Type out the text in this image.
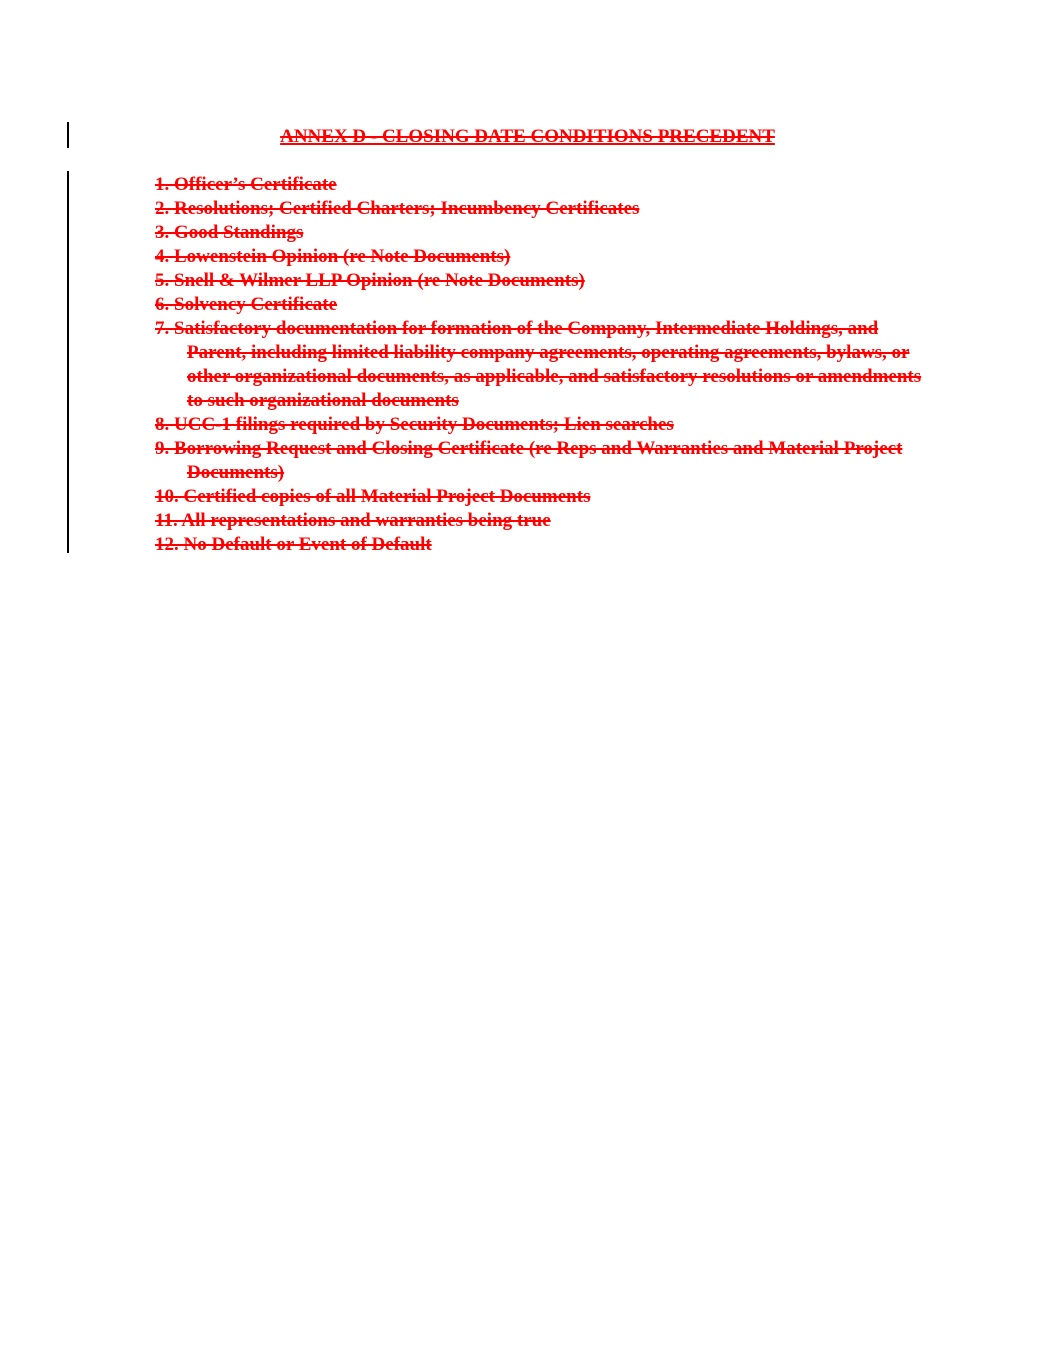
ANNEX D - CLOSING DATE CONDITIONS PRECEDENT
1. Officer’s Certificate
2. Resolutions; Certified Charters; Incumbency Certificates
3. Good Standings
4. Lowenstein Opinion (re Note Documents)
5. Snell & Wilmer LLP Opinion (re Note Documents)
6. Solvency Certificate
7. Satisfactory documentation for formation of the Company, Intermediate Holdings, and Parent, including limited liability company agreements, operating agreements, bylaws, or other organizational documents, as applicable, and satisfactory resolutions or amendments to such organizational documents
8. UCC-1 filings required by Security Documents; Lien searches
9. Borrowing Request and Closing Certificate (re Reps and Warranties and Material Project Documents)
10. Certified copies of all Material Project Documents
11. All representations and warranties being true
12. No Default or Event of Default
